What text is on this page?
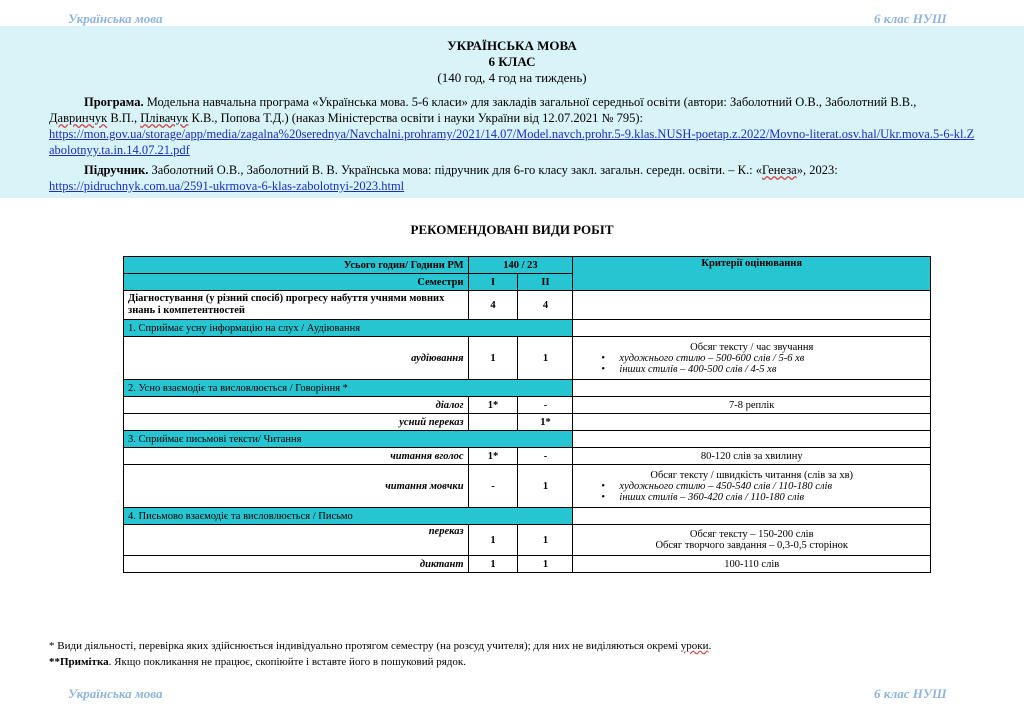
Українська мова	6 клас НУШ
УКРАЇНСЬКА МОВА
6 КЛАС
(140 год, 4 год на тиждень)
Програма. Модельна навчальна програма «Українська мова. 5-6 класи» для закладів загальної середньої освіти (автори: Заболотний О.В., Заболотний В.В., Давринчук В.П., Плівачук К.В., Попова Т.Д.) (наказ Міністерства освіти і науки України від 12.07.2021 № 795):
https://mon.gov.ua/storage/app/media/zagalna%20serednya/Navchalni.prohramy/2021/14.07/Model.navch.prohr.5-9.klas.NUSH-poetap.z.2022/Movno-literat.osv.hal/Ukr.mova.5-6-kl.Zabolotnyy.ta.in.14.07.21.pdf
Підручник. Заболотний О.В., Заболотний В. В. Українська мова: підручник для 6-го класу закл. загальн. середн. освіти. – К.: «Генеза», 2023:
https://pidruchnyk.com.ua/2591-ukrmova-6-klas-zabolotnyi-2023.html
РЕКОМЕНДОВАНІ ВИДИ РОБІТ
Усього годин/ Години РМ	140 / 23		Критерії оцінювання
Семестри	І	ІІ	
Діагностування (у різний спосіб) прогресу набуття учнями мовних знань і компетентностей	4	4	
1. Сприймає усну інформацію на слух / Аудіювання			
аудіювання	1	1	Обсяг тексту / час звучання
• художнього стилю – 500-600 слів / 5-6 хв
• інших стилів – 400-500 слів / 4-5 хв

2. Усно взаємодіє та висловлюється / Говоріння *			
діалог	1*	-	7-8 реплік
усний переказ		1*	
3. Сприймає письмові тексти/ Читання			
читання вголос	1*	-	80-120 слів за хвилину
читання мовчки	-	1	Обсяг тексту / швидкість читання (слів за хв)
• художнього стилю – 450-540 слів / 110-180 слів
• інших стилів – 360-420 слів / 110-180 слів

4. Письмово взаємодіє та висловлюється / Письмо			
переказ	1	1	Обсяг тексту – 150-200 слів
Обсяг творчого завдання – 0,3-0,5 сторінок

диктант	1	1	100-110 слів
* Види діяльності, перевірка яких здійснюється індивідуально протягом семестру (на розсуд учителя); для них не виділяються окремі уроки.
**Примітка. Якщо покликання не працює, скопіюйте і вставте його в пошуковий рядок.
Українська мова	6 клас НУШ
